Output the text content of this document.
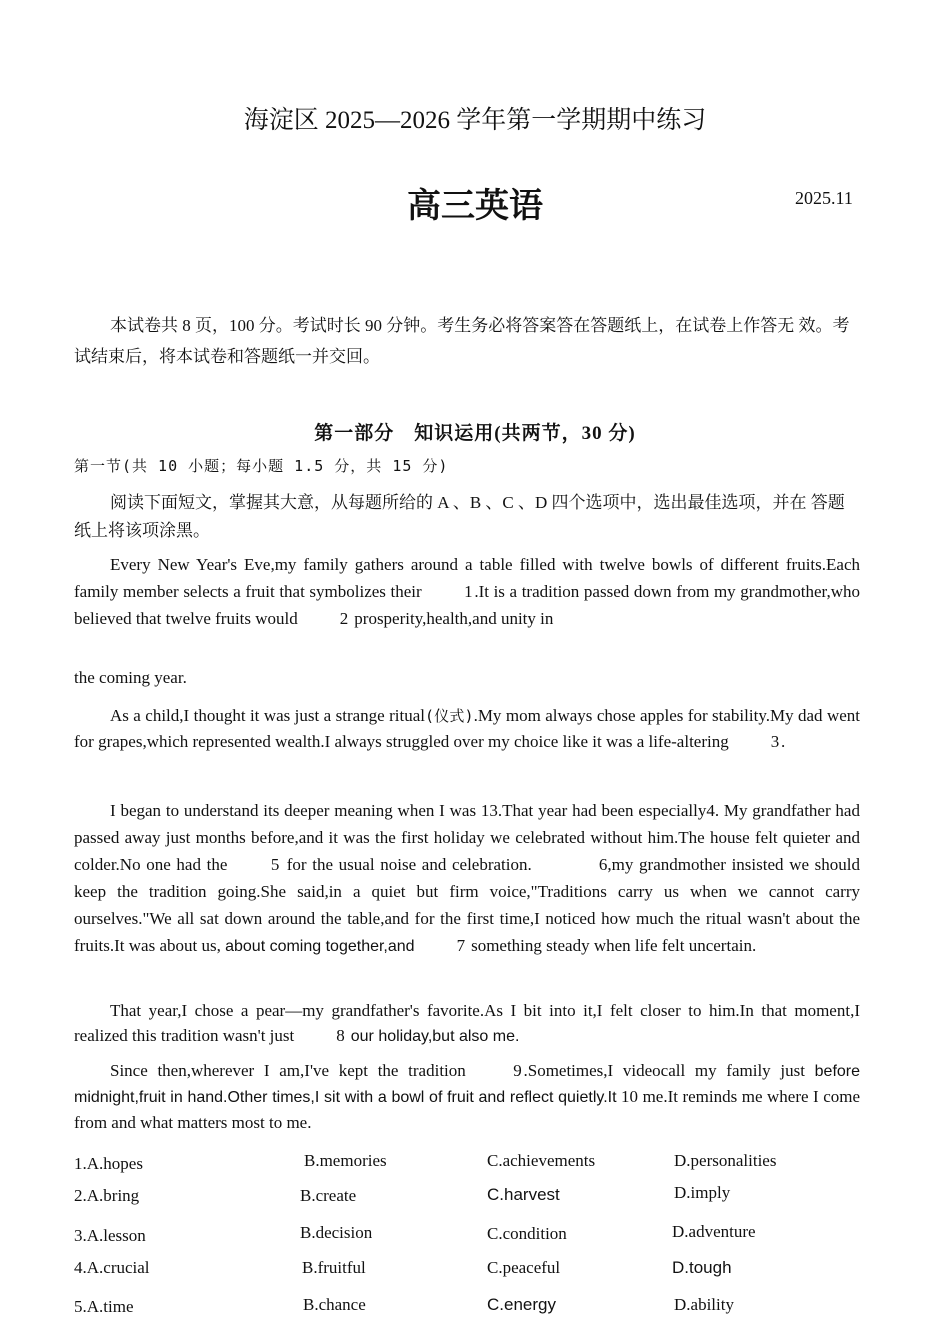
海淀区 2025—2026 学年第一学期期中练习
高三英语	2025.11

本试卷共 8 页，100 分。考试时长 90 分钟。考生务必将答案答在答题纸上，在试卷上作答无 效。考试结束后，将本试卷和答题纸一并交回。

第一部分　知识运用(共两节，30 分)
第一节(共 10 小题；每小题 1.5 分，共 15 分)

阅读下面短文，掌握其大意，从每题所给的 A 、B 、C 、D 四个选项中，选出最佳选项，并在 答题纸上将该项涂黑。

Every New Year's Eve,my family gathers around a table filled with twelve bowls of different fruits.Each family member selects a fruit that symbolizes their 1 .It is a tradition passed down from my grandmother,who believed that twelve fruits would 2 prosperity,health,and unity in

the coming year.

As a child,I thought it was just a strange ritual(仪式).My mom always chose apples for stability.My dad went for grapes,which represented wealth.I always struggled over my choice like it was a life-altering 3 .

I began to understand its deeper meaning when I was 13.That year had been especially4. My grandfather had passed away just months before,and it was the first holiday we celebrated without him.The house felt quieter and colder.No one had the	5 for the usual noise and celebration.	6,my grandmother insisted we should keep the tradition going.She said,in a quiet but firm voice,"Traditions carry us when we cannot carry ourselves."We all sat down around the table,and for the first time,I noticed how much the ritual wasn't about the fruits.It was about us, about coming together,and 7 something steady when life felt uncertain.

That year,I chose a pear—my grandfather's favorite.As I bit into it,I felt closer to him.In that moment,I realized this tradition wasn't just 8 our holiday,but also me.

Since then,wherever I am,I've kept the tradition	9 .Sometimes,I videocall my family just before midnight,fruit in hand.Other times,I sit with a bowl of fruit and reflect quietly.It 10 me.It reminds me where I come from and what matters most to me.

1.A.hopes	B.memories	C.achievements	D.personalities
2.A.bring	B.create	C.harvest	D.imply
3.A.lesson	B.decision	C.condition	D.adventure
4.A.crucial	B.fruitful	C.peaceful	D.tough
5.A.time	B.chance	C.energy	D.ability
